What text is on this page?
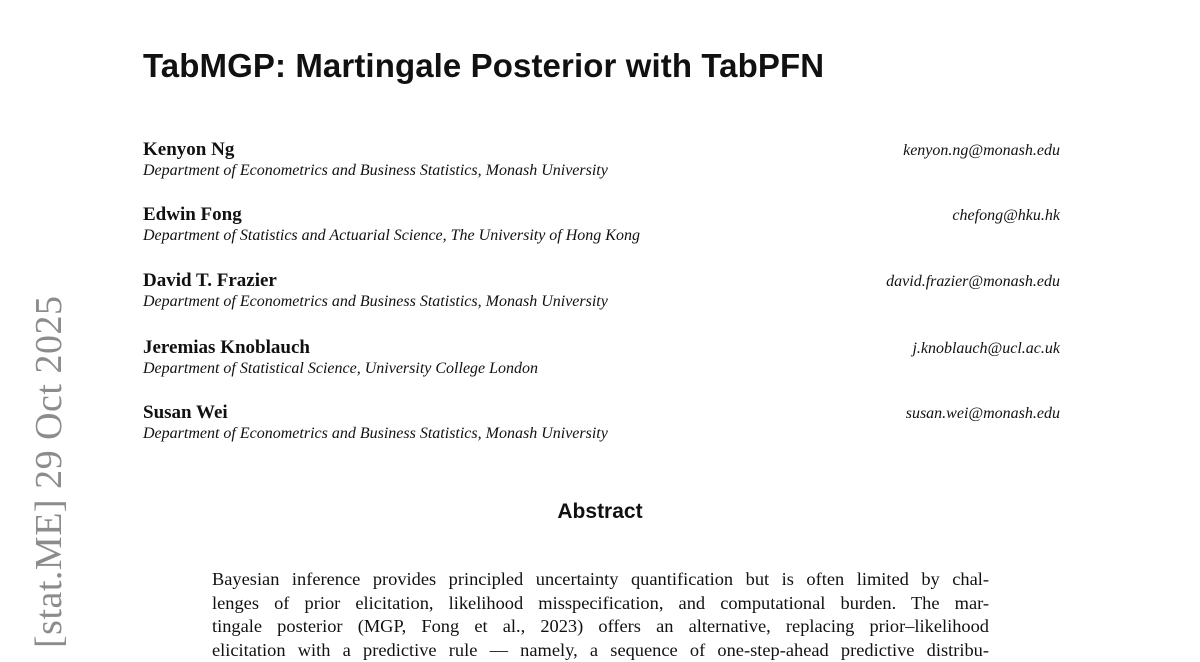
[stat.ME] 29 Oct 2025
TabMGP: Martingale Posterior with TabPFN
Kenyon Ng	kenyon.ng@monash.edu
Department of Econometrics and Business Statistics, Monash University
Edwin Fong	chefong@hku.hk
Department of Statistics and Actuarial Science, The University of Hong Kong
David T. Frazier	david.frazier@monash.edu
Department of Econometrics and Business Statistics, Monash University
Jeremias Knoblauch	j.knoblauch@ucl.ac.uk
Department of Statistical Science, University College London
Susan Wei	susan.wei@monash.edu
Department of Econometrics and Business Statistics, Monash University
Abstract
Bayesian inference provides principled uncertainty quantification but is often limited by chal-
lenges of prior elicitation, likelihood misspecification, and computational burden. The mar-
tingale posterior (MGP, Fong et al., 2023) offers an alternative, replacing prior–likelihood
elicitation with a predictive rule — namely, a sequence of one-step-ahead predictive distribu-
